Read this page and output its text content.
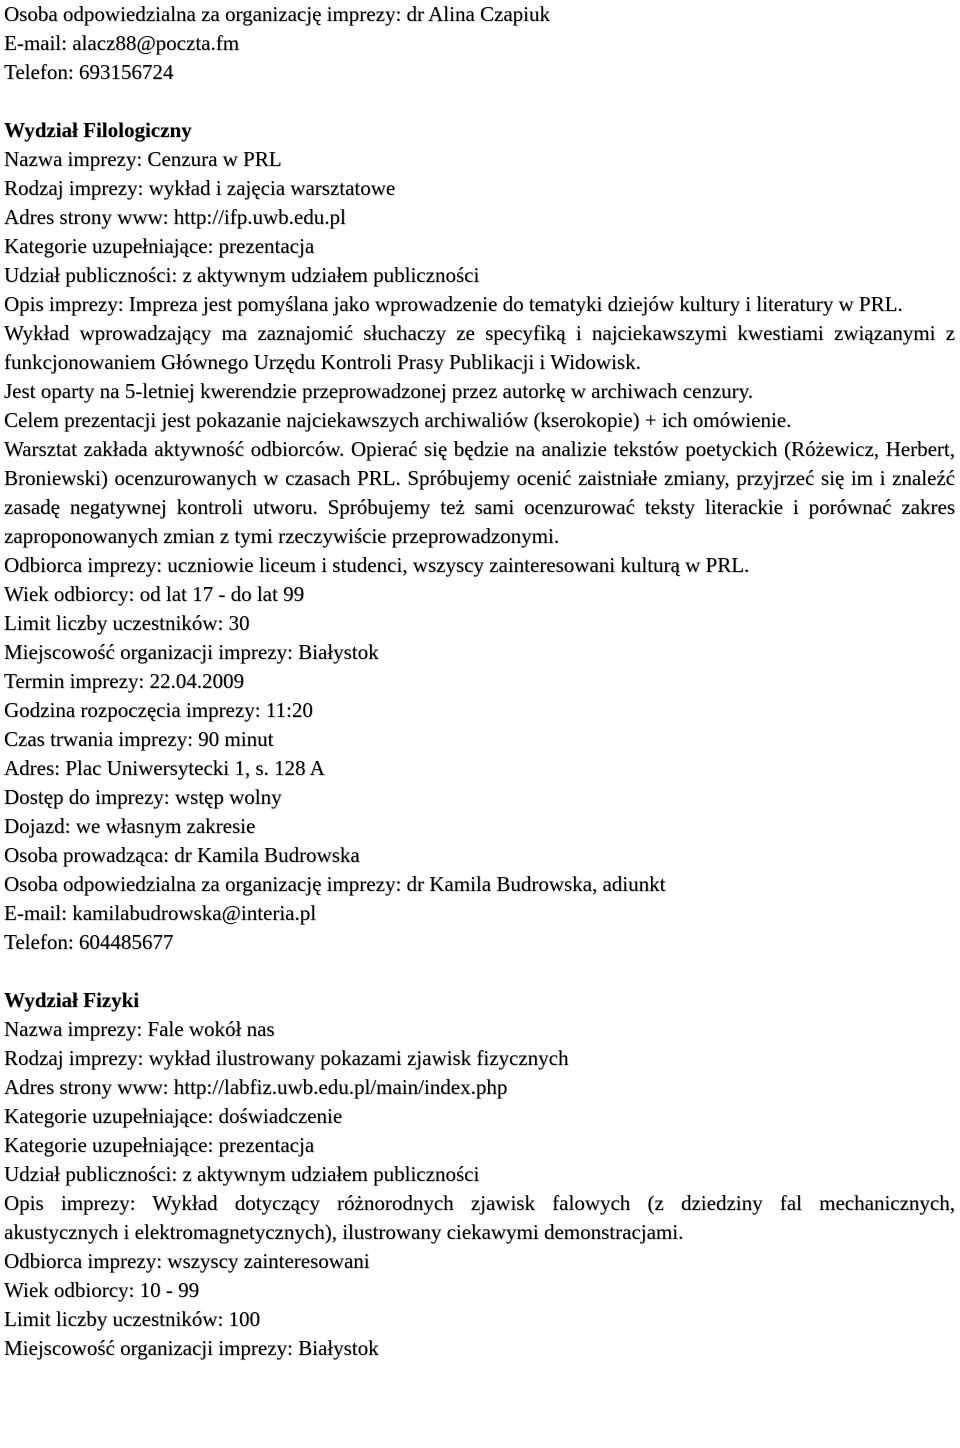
Osoba odpowiedzialna za organizację imprezy: dr Alina Czapiuk
E-mail: alacz88@poczta.fm
Telefon: 693156724
Wydział Filologiczny
Nazwa imprezy: Cenzura w PRL
Rodzaj imprezy: wykład i zajęcia warsztatowe
Adres strony www: http://ifp.uwb.edu.pl
Kategorie uzupełniające: prezentacja
Udział publiczności: z aktywnym udziałem publiczności
Opis imprezy: Impreza jest pomyślana jako wprowadzenie do tematyki dziejów kultury i literatury w PRL.
Wykład wprowadzający ma zaznajomić słuchaczy ze specyfiką i najciekawszymi kwestiami związanymi z funkcjonowaniem Głównego Urzędu Kontroli Prasy Publikacji i Widowisk.
Jest oparty na 5-letniej kwerendzie przeprowadzonej przez autorkę w archiwach cenzury.
Celem prezentacji jest pokazanie najciekawszych archiwaliów (kserokopie) + ich omówienie.
Warsztat zakłada aktywność odbiorców. Opierać się będzie na analizie tekstów poetyckich (Różewicz, Herbert, Broniewski) ocenzurowanych w czasach PRL. Spróbujemy ocenić zaistniałe zmiany, przyjrzeć się im i znaleźć zasadę negatywnej kontroli utworu. Spróbujemy też sami ocenzurować teksty literackie i porównać zakres zaproponowanych zmian z tymi rzeczywiście przeprowadzonymi.
Odbiorca imprezy: uczniowie liceum i studenci, wszyscy zainteresowani kulturą w PRL.
Wiek odbiorcy: od lat 17 - do lat 99
Limit liczby uczestników: 30
Miejscowość organizacji imprezy: Białystok
Termin imprezy: 22.04.2009
Godzina rozpoczęcia imprezy: 11:20
Czas trwania imprezy: 90 minut
Adres: Plac Uniwersytecki 1, s. 128 A
Dostęp do imprezy: wstęp wolny
Dojazd: we własnym zakresie
Osoba prowadząca: dr Kamila Budrowska
Osoba odpowiedzialna za organizację imprezy: dr Kamila Budrowska, adiunkt
E-mail: kamilabudrowska@interia.pl
Telefon: 604485677
Wydział Fizyki
Nazwa imprezy: Fale wokół nas
Rodzaj imprezy: wykład ilustrowany pokazami zjawisk fizycznych
Adres strony www: http://labfiz.uwb.edu.pl/main/index.php
Kategorie uzupełniające: doświadczenie
Kategorie uzupełniające: prezentacja
Udział publiczności: z aktywnym udziałem publiczności
Opis imprezy: Wykład dotyczący różnorodnych zjawisk falowych (z dziedziny fal mechanicznych, akustycznych i elektromagnetycznych), ilustrowany ciekawymi demonstracjami.
Odbiorca imprezy: wszyscy zainteresowani
Wiek odbiorcy: 10 - 99
Limit liczby uczestników: 100
Miejscowość organizacji imprezy: Białystok
